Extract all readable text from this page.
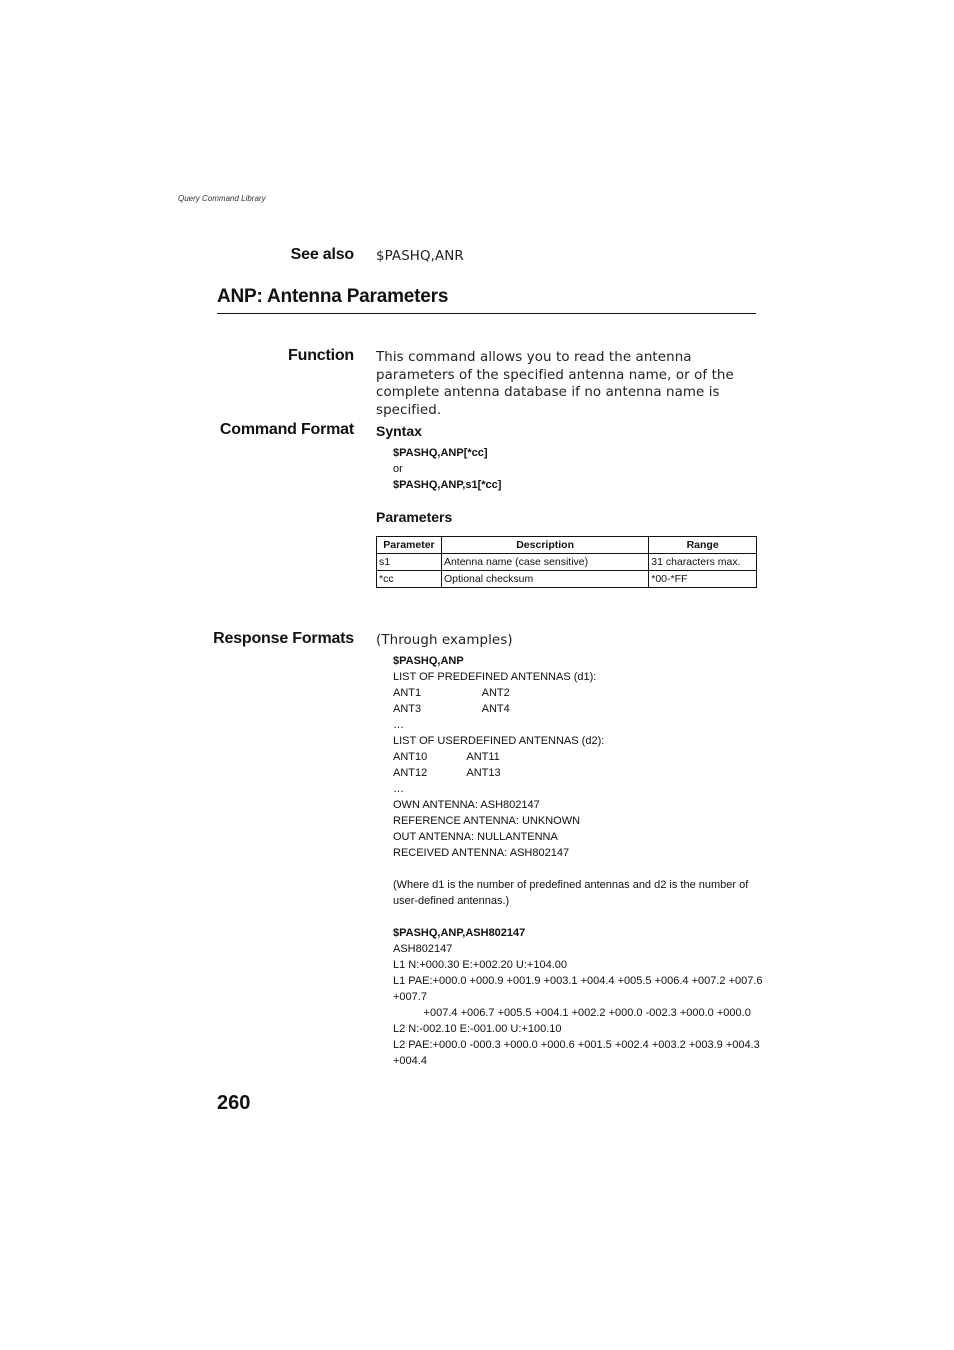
Query Command Library
See also $PASHQ,ANR
ANP: Antenna Parameters
Function This command allows you to read the antenna parameters of the specified antenna name, or of the complete antenna database if no antenna name is specified.
Command Format Syntax
$PASHQ,ANP[*cc]
or
$PASHQ,ANP,s1[*cc]
Parameters
Parameter	Description	Range
s1	Antenna name (case sensitive)	31 characters max.
*cc	Optional checksum	*00-*FF
Response Formats (Through examples)
$PASHQ,ANP
LIST OF PREDEFINED ANTENNAS (d1):
ANT1                    ANT2
ANT3                    ANT4
…
LIST OF USERDEFINED ANTENNAS (d2):
ANT10             ANT11
ANT12             ANT13
…
OWN ANTENNA: ASH802147
REFERENCE ANTENNA: UNKNOWN
OUT ANTENNA: NULLANTENNA
RECEIVED ANTENNA: ASH802147
(Where d1 is the number of predefined antennas and d2 is the number of user-defined antennas.)
$PASHQ,ANP,ASH802147
ASH802147
L1 N:+000.30 E:+002.20 U:+104.00
L1 PAE:+000.0 +000.9 +001.9 +003.1 +004.4 +005.5 +006.4 +007.2 +007.6
+007.7
+007.4 +006.7 +005.5 +004.1 +002.2 +000.0 -002.3 +000.0 +000.0
L2 N:-002.10 E:-001.00 U:+100.10
L2 PAE:+000.0 -000.3 +000.0 +000.6 +001.5 +002.4 +003.2 +003.9 +004.3
+004.4
260
